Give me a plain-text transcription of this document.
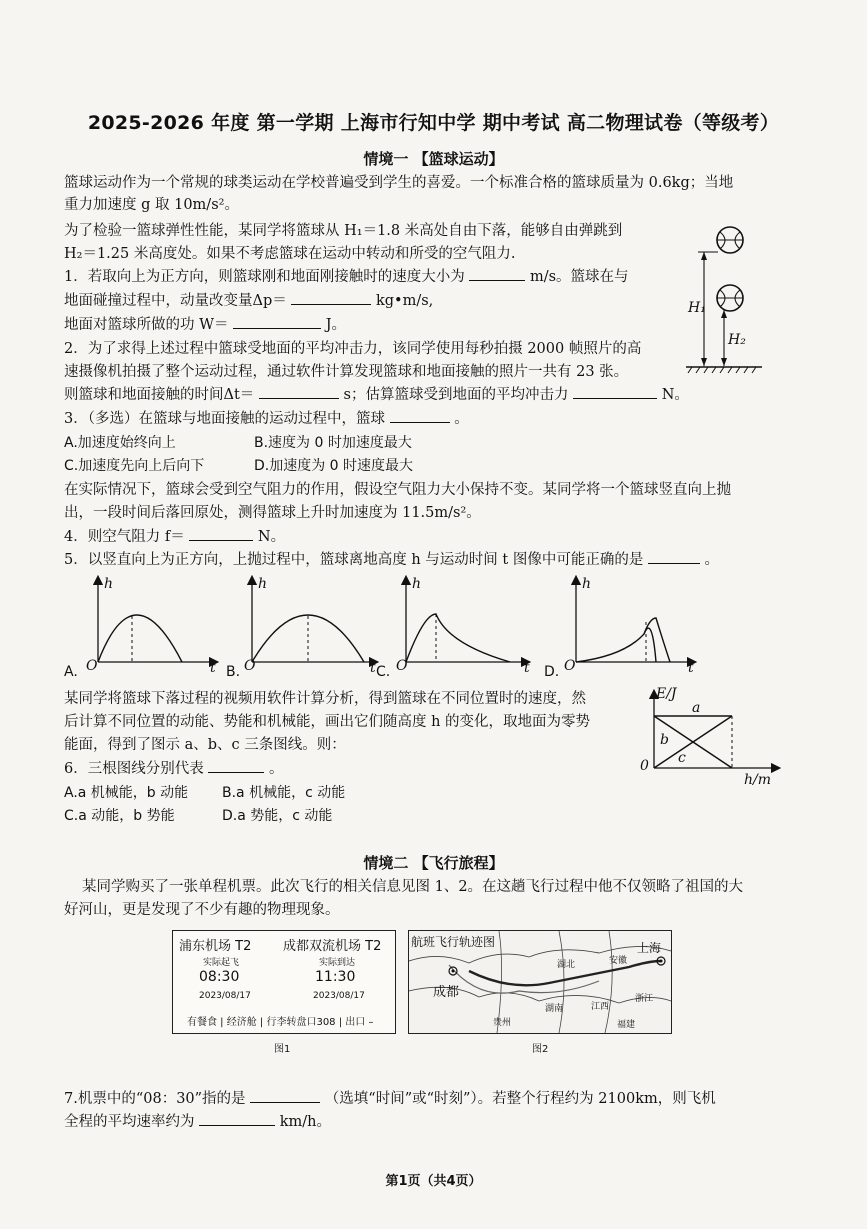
2025-2026 年度 第一学期 上海市行知中学 期中考试 高二物理试卷（等级考）
情境一 【篮球运动】
篮球运动作为一个常规的球类运动在学校普遍受到学生的喜爱。一个标准合格的篮球质量为 0.6kg；当地
重力加速度 g 取 10m/s²。
为了检验一篮球弹性性能，某同学将篮球从 H₁＝1.8 米高处自由下落，能够自由弹跳到
H₂＝1.25 米高度处。如果不考虑篮球在运动中转动和所受的空气阻力.
1．若取向上为正方向，则篮球刚和地面刚接触时的速度大小为	m/s。篮球在与
地面碰撞过程中，动量改变量Δp＝	kg•m/s,
地面对篮球所做的功 W＝	J。
H₁
H₂
2．为了求得上述过程中篮球受地面的平均冲击力，该同学使用每秒拍摄 2000 帧照片的高
速摄像机拍摄了整个运动过程，通过软件计算发现篮球和地面接触的照片一共有 23 张。
则篮球和地面接触的时间Δt＝	s；估算篮球受到地面的平均冲击力	N。
3．（多选）在篮球与地面接触的运动过程中，篮球	。
A.加速度始终向上	B.速度为 0 时加速度最大
C.加速度先向上后向下	D.加速度为 0 时速度最大
在实际情况下，篮球会受到空气阻力的作用，假设空气阻力大小保持不变。某同学将一个篮球竖直向上抛
出，一段时间后落回原处，测得篮球上升时加速度为 11.5m/s²。
4．则空气阻力 f＝	N。
5．以竖直向上为正方向，上抛过程中，篮球离地高度 h 与运动时间 t 图像中可能正确的是	。
h	h	h	h
O	O	O	O
t	t	t	t
A.	B.	C.	D.
某同学将篮球下落过程的视频用软件计算分析，得到篮球在不同位置时的速度，然
后计算不同位置的动能、势能和机械能，画出它们随高度 h 的变化，取地面为零势
能面，得到了图示 a、b、c 三条图线。则：
6．三根图线分别代表	。
A.a 机械能，b 动能 B.a 机械能，c 动能
C.a 动能，b 势能	D.a 势能，c 动能
E/J
a
b
c
0
h/m
情境二 【飞行旅程】
某同学购买了一张单程机票。此次飞行的相关信息见图 1、2。在这趟飞行过程中他不仅领略了祖国的大
好河山，更是发现了不少有趣的物理现象。
浦东机场 T2 成都双流机场 T2
实际起飞	实际到达
08:30	11:30
2023/08/17	2023/08/17
有餐食 | 经济舱 | 行李转盘口308 | 出口 –
航班飞行轨迹图
成都
上海
湖北	安徽
浙江
湖南	江西
贵州	福建
图1	图2
7.机票中的“08：30”指的是	（选填“时间”或“时刻”）。若整个行程约为 2100km，则飞机
全程的平均速率约为	km/h。
第1页（共4页）
